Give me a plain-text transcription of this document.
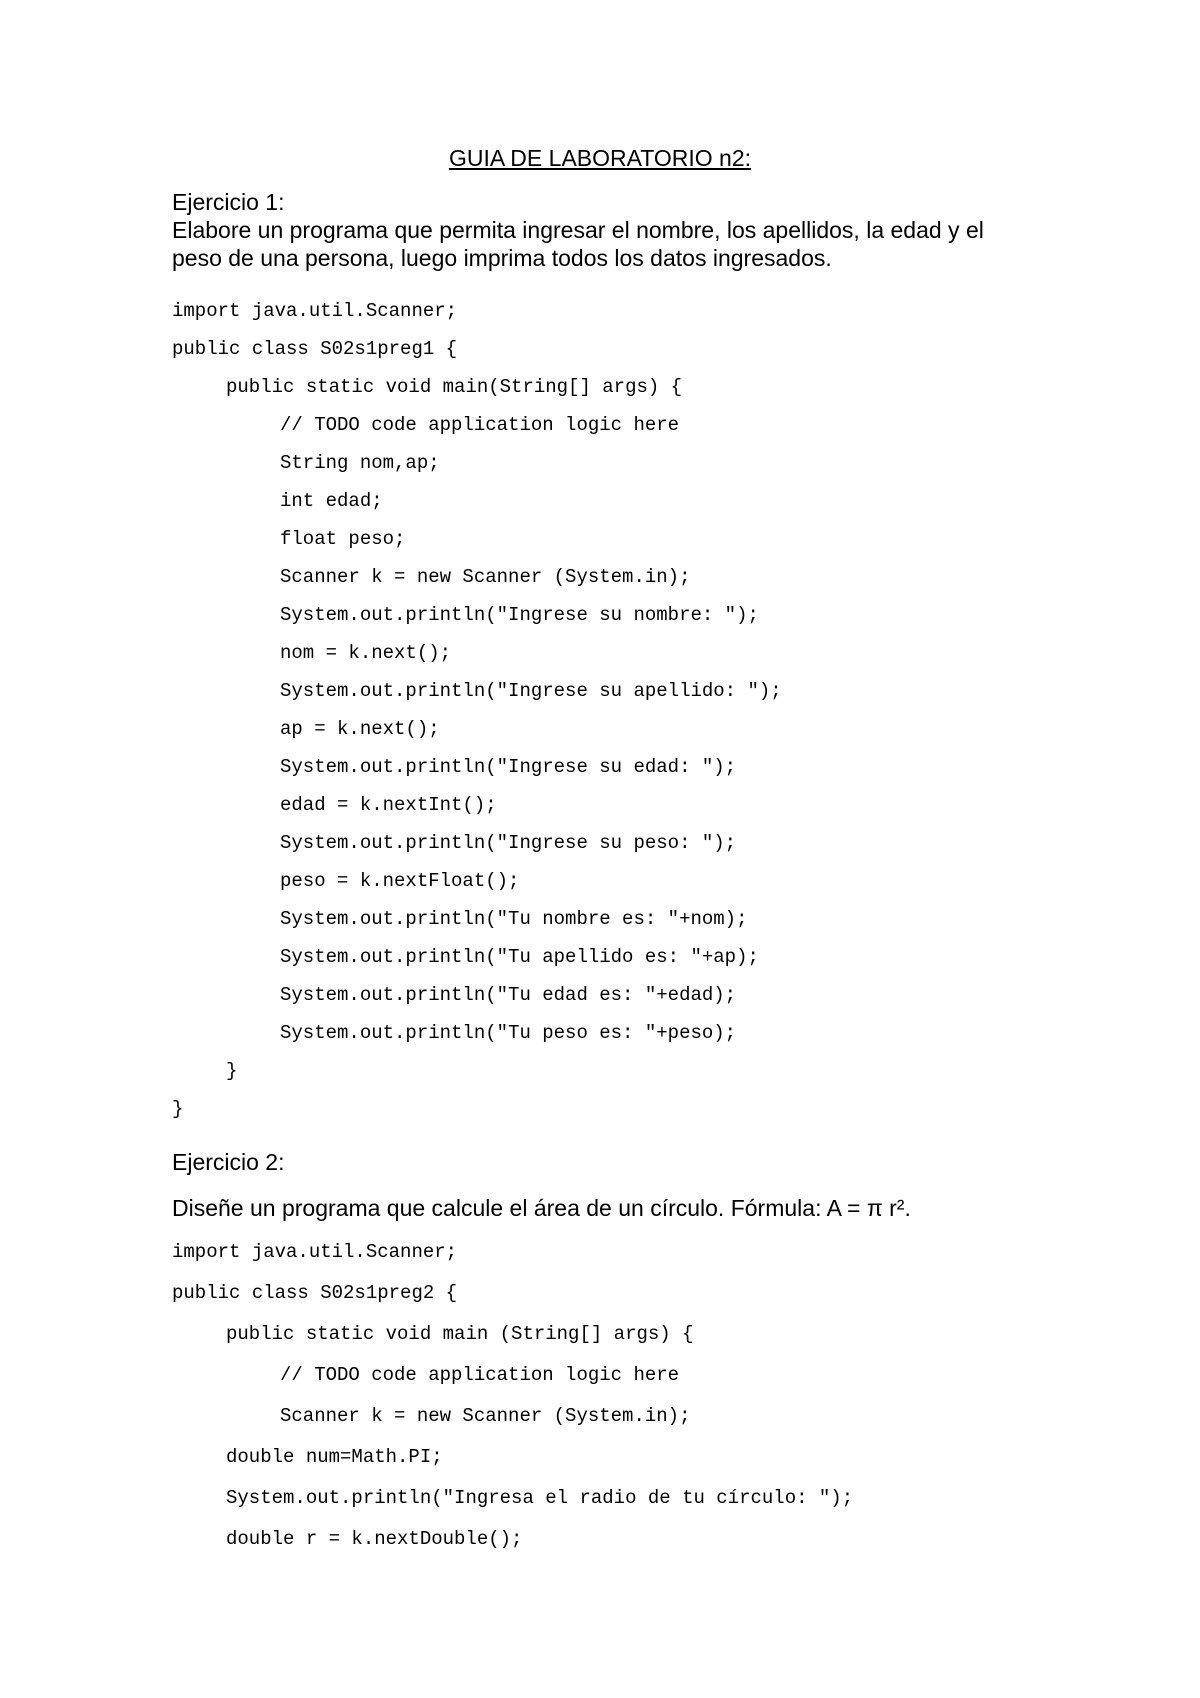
GUIA DE LABORATORIO n2:
Ejercicio 1:
Elabore un programa que permita ingresar el nombre, los apellidos, la edad y el
peso de una persona, luego imprima todos los datos ingresados.
import java.util.Scanner;
public class S02s1preg1 {
public static void main(String[] args) {
// TODO code application logic here
String nom,ap;
int edad;
float peso;
Scanner k = new Scanner (System.in);
System.out.println("Ingrese su nombre: ");
nom = k.next();
System.out.println("Ingrese su apellido: ");
ap = k.next();
System.out.println("Ingrese su edad: ");
edad = k.nextInt();
System.out.println("Ingrese su peso: ");
peso = k.nextFloat();
System.out.println("Tu nombre es: "+nom);
System.out.println("Tu apellido es: "+ap);
System.out.println("Tu edad es: "+edad);
System.out.println("Tu peso es: "+peso);
}
}
Ejercicio 2:
Diseñe un programa que calcule el área de un círculo. Fórmula: A = π r².
import java.util.Scanner;
public class S02s1preg2 {
public static void main (String[] args) {
// TODO code application logic here
Scanner k = new Scanner (System.in);
double num=Math.PI;
System.out.println("Ingresa el radio de tu círculo: ");
double r = k.nextDouble();
